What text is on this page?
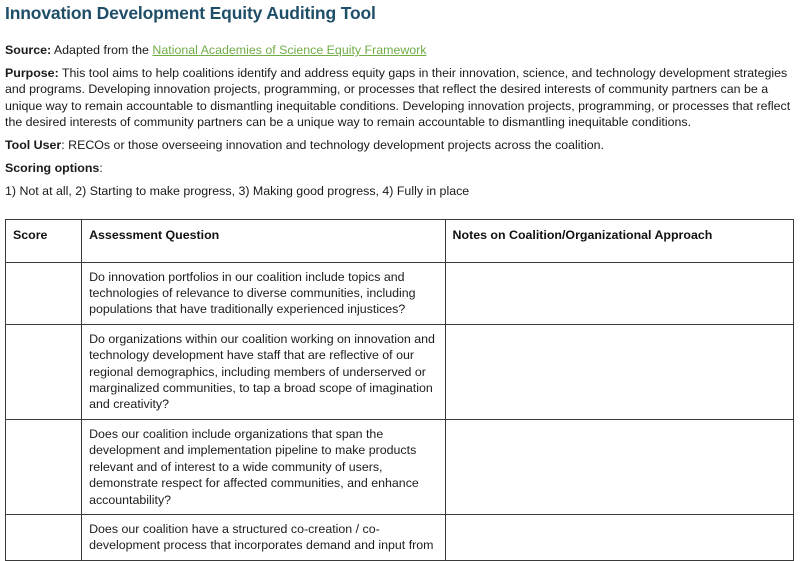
Innovation Development Equity Auditing Tool

Source: Adapted from the National Academies of Science Equity Framework

Purpose: This tool aims to help coalitions identify and address equity gaps in their innovation, science, and technology development strategies and programs. Developing innovation projects, programming, or processes that reflect the desired interests of community partners can be a unique way to remain accountable to dismantling inequitable conditions. Developing innovation projects, programming, or processes that reflect the desired interests of community partners can be a unique way to remain accountable to dismantling inequitable conditions.

Tool User: RECOs or those overseeing innovation and technology development projects across the coalition.

Scoring options:

1) Not at all, 2) Starting to make progress, 3) Making good progress, 4) Fully in place

Score	Assessment Question	Notes on Coalition/Organizational Approach
	Do innovation portfolios in our coalition include topics and technologies of relevance to diverse communities, including populations that have traditionally experienced injustices?	
	Do organizations within our coalition working on innovation and technology development have staff that are reflective of our regional demographics, including members of underserved or marginalized communities, to tap a broad scope of imagination and creativity?	
	Does our coalition include organizations that span the development and implementation pipeline to make products relevant and of interest to a wide community of users, demonstrate respect for affected communities, and enhance accountability?	
	Does our coalition have a structured co-creation / co-development process that incorporates demand and input from	
